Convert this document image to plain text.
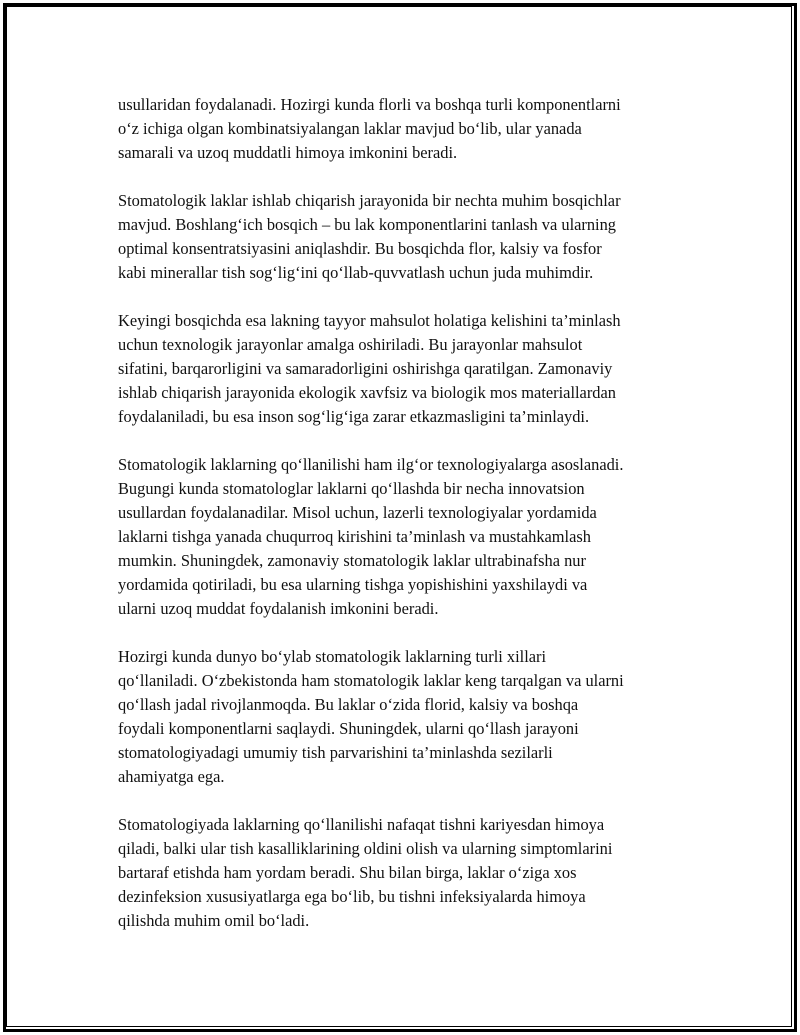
usullaridan foydalanadi. Hozirgi kunda florli va boshqa turli komponentlarni
o‘z ichiga olgan kombinatsiyalangan laklar mavjud bo‘lib, ular yanada
samarali va uzoq muddatli himoya imkonini beradi.

Stomatologik laklar ishlab chiqarish jarayonida bir nechta muhim bosqichlar
mavjud. Boshlang‘ich bosqich – bu lak komponentlarini tanlash va ularning
optimal konsentratsiyasini aniqlashdir. Bu bosqichda flor, kalsiy va fosfor
kabi minerallar tish sog‘lig‘ini qo‘llab-quvvatlash uchun juda muhimdir.

Keyingi bosqichda esa lakning tayyor mahsulot holatiga kelishini ta’minlash
uchun texnologik jarayonlar amalga oshiriladi. Bu jarayonlar mahsulot
sifatini, barqarorligini va samaradorligini oshirishga qaratilgan. Zamonaviy
ishlab chiqarish jarayonida ekologik xavfsiz va biologik mos materiallardan
foydalaniladi, bu esa inson sog‘lig‘iga zarar etkazmasligini ta’minlaydi.

Stomatologik laklarning qo‘llanilishi ham ilg‘or texnologiyalarga asoslanadi.
Bugungi kunda stomatologlar laklarni qo‘llashda bir necha innovatsion
usullardan foydalanadilar. Misol uchun, lazerli texnologiyalar yordamida
laklarni tishga yanada chuqurroq kirishini ta’minlash va mustahkamlash
mumkin. Shuningdek, zamonaviy stomatologik laklar ultrabinafsha nur
yordamida qotiriladi, bu esa ularning tishga yopishishini yaxshilaydi va
ularni uzoq muddat foydalanish imkonini beradi.

Hozirgi kunda dunyo bo‘ylab stomatologik laklarning turli xillari
qo‘llaniladi. O‘zbekistonda ham stomatologik laklar keng tarqalgan va ularni
qo‘llash jadal rivojlanmoqda. Bu laklar o‘zida florid, kalsiy va boshqa
foydali komponentlarni saqlaydi. Shuningdek, ularni qo‘llash jarayoni
stomatologiyadagi umumiy tish parvarishini ta’minlashda sezilarli
ahamiyatga ega.

Stomatologiyada laklarning qo‘llanilishi nafaqat tishni kariyesdan himoya
qiladi, balki ular tish kasalliklarining oldini olish va ularning simptomlarini
bartaraf etishda ham yordam beradi. Shu bilan birga, laklar o‘ziga xos
dezinfeksion xususiyatlarga ega bo‘lib, bu tishni infeksiyalarda himoya
qilishda muhim omil bo‘ladi.
